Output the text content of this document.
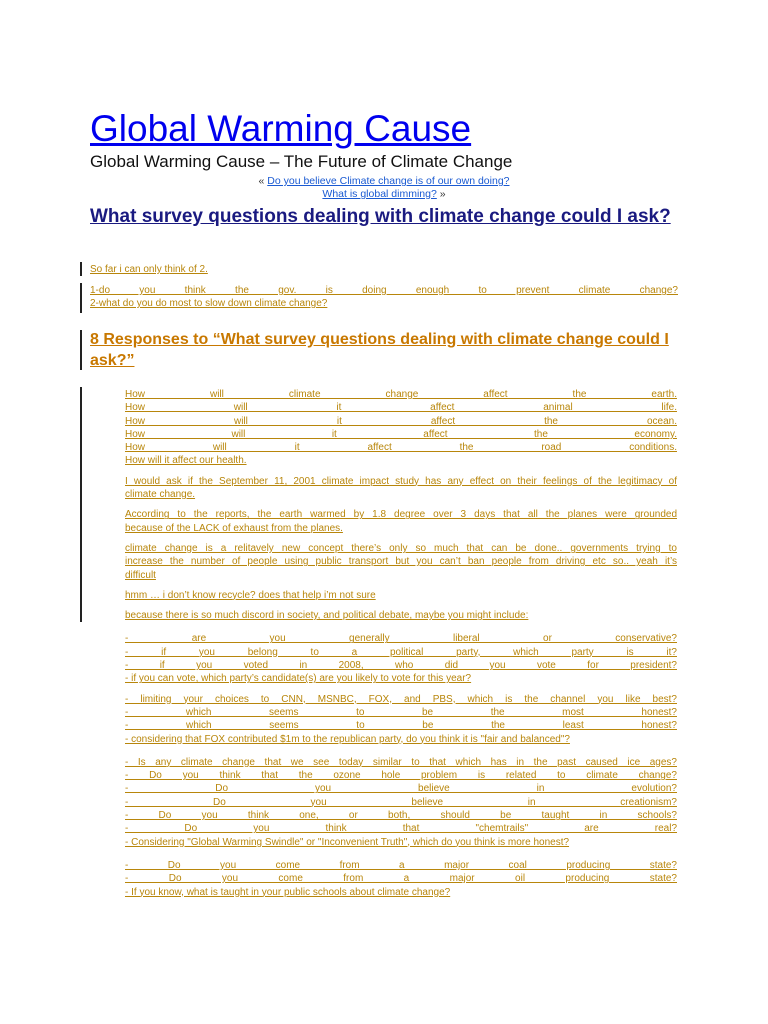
Global Warming Cause
Global Warming Cause – The Future of Climate Change
« Do you believe Climate change is of our own doing?
What is global dimming? »
What survey questions dealing with climate change could I ask?

So far i can only think of 2.

1-do you think the gov. is doing enough to prevent climate change?

2-what do you do most to slow down climate change?

8 Responses to “What survey questions dealing with climate change could I ask?”

How will climate change affect the earth.

How will it affect animal life.

How will it affect the ocean.

How will it affect the economy.

How will it affect the road conditions.

How will it affect our health.

I would ask if the September 11, 2001 climate impact study has any effect on their feelings of the legitimacy of

climate change.

According to the reports, the earth warmed by 1.8 degree over 3 days that all the planes were grounded

because of the LACK of exhaust from the planes.

climate change is a relitavely new concept there’s only so much that can be done.. governments trying to

increase the number of people using public transport but you can’t ban people from driving etc so.. yeah it’s

difficult

hmm … i don’t know recycle? does that help i’m not sure

because there is so much discord in society, and political debate, maybe you might include:

- are you generally liberal or conservative?

- if you belong to a political party, which party is it?

- if you voted in 2008, who did you vote for president?

- if you can vote, which party’s candidate(s) are you likely to vote for this year?

- limiting your choices to CNN, MSNBC, FOX, and PBS, which is the channel you like best?

- which seems to be the most honest?

- which seems to be the least honest?

- considering that FOX contributed $1m to the republican party, do you think it is "fair and balanced"?

- Is any climate change that we see today similar to that which has in the past caused ice ages?

- Do you think that the ozone hole problem is related to climate change?

- Do you believe in evolution?

- Do you believe in creationism?

- Do you think one, or both, should be taught in schools?

- Do you think that "chemtrails" are real?

- Considering "Global Warming Swindle" or "Inconvenient Truth", which do you think is more honest?

- Do you come from a major coal producing state?

- Do you come from a major oil producing state?

- If you know, what is taught in your public schools about climate change?
